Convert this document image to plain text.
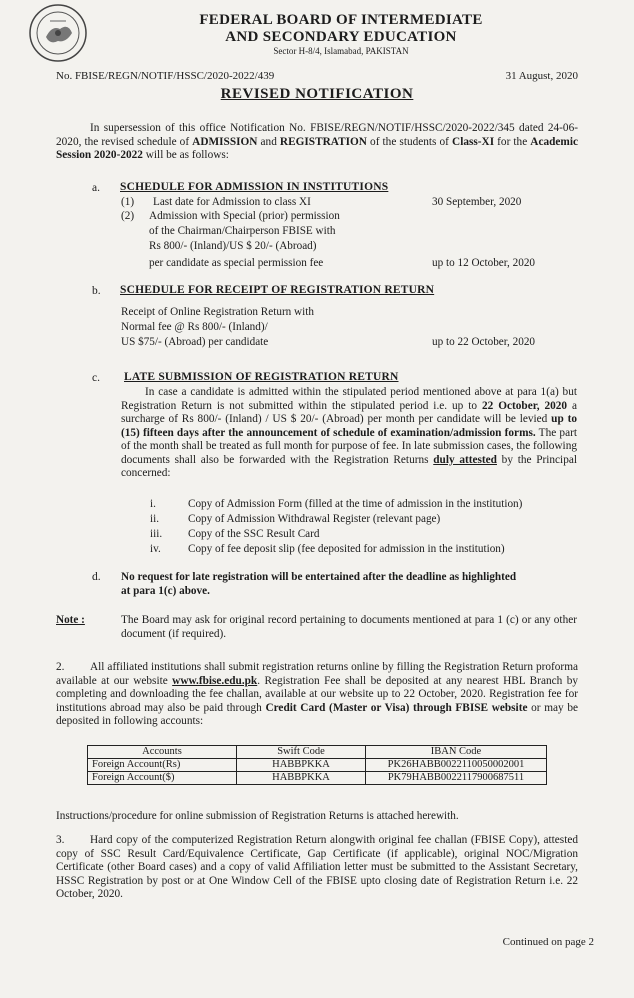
FEDERAL BOARD OF INTERMEDIATE
AND SECONDARY EDUCATION
Sector H-8/4, Islamabad, PAKISTAN
No. FBISE/REGN/NOTIF/HSSC/2020-2022/439	31 August, 2020
REVISED NOTIFICATION
In supersession of this office Notification No. FBISE/REGN/NOTIF/HSSC/2020-2022/345 dated 24-06-2020, the revised schedule of ADMISSION and REGISTRATION of the students of Class-XI for the Academic Session 2020-2022 will be as follows:
a. SCHEDULE FOR ADMISSION IN INSTITUTIONS
(1) Last date for Admission to class XI	30 September, 2020
(2) Admission with Special (prior) permission
of the Chairman/Chairperson FBISE with
Rs 800/- (Inland)/US $ 20/- (Abroad)
per candidate as special permission fee	up to 12 October, 2020
b. SCHEDULE FOR RECEIPT OF REGISTRATION RETURN
Receipt of Online Registration Return with
Normal fee @ Rs 800/- (Inland)/
US $75/- (Abroad) per candidate	up to 22 October, 2020
c. LATE SUBMISSION OF REGISTRATION RETURN
In case a candidate is admitted within the stipulated period mentioned above at para 1(a) but Registration Return is not submitted within the stipulated period i.e. up to 22 October, 2020 a surcharge of Rs 800/- (Inland) / US $ 20/- (Abroad) per month per candidate will be levied up to (15) fifteen days after the announcement of schedule of examination/admission forms. The part of the month shall be treated as full month for purpose of fee. In late submission cases, the following documents shall also be forwarded with the Registration Returns duly attested by the Principal concerned:
i.	Copy of Admission Form (filled at the time of admission in the institution)
ii.	Copy of Admission Withdrawal Register (relevant page)
iii. Copy of the SSC Result Card
iv. Copy of fee deposit slip (fee deposited for admission in the institution)
d. No request for late registration will be entertained after the deadline as highlighted
at para 1(c) above.
Note :	The Board may ask for original record pertaining to documents mentioned at para 1 (c) or any other document (if required).
2. All affiliated institutions shall submit registration returns online by filling the Registration Return proforma available at our website www.fbise.edu.pk. Registration Fee shall be deposited at any nearest HBL Branch by completing and downloading the fee challan, available at our website up to 22 October, 2020. Registration fee for institutions abroad may also be paid through Credit Card (Master or Visa) through FBISE website or may be deposited in following accounts:
Accounts	Swift Code	IBAN Code
Foreign Account(Rs)	HABBPKKA	PK26HABB0022110050002001
Foreign Account($)	HABBPKKA	PK79HABB0022117900687511
Instructions/procedure for online submission of Registration Returns is attached herewith.
3. Hard copy of the computerized Registration Return alongwith original fee challan (FBISE Copy), attested copy of SSC Result Card/Equivalence Certificate, Gap Certificate (if applicable), original NOC/Migration Certificate (other Board cases) and a copy of valid Affiliation letter must be submitted to the Assistant Secretary, HSSC Registration by post or at One Window Cell of the FBISE upto closing date of Registration Return i.e. 22 October, 2020.
Continued on page 2
